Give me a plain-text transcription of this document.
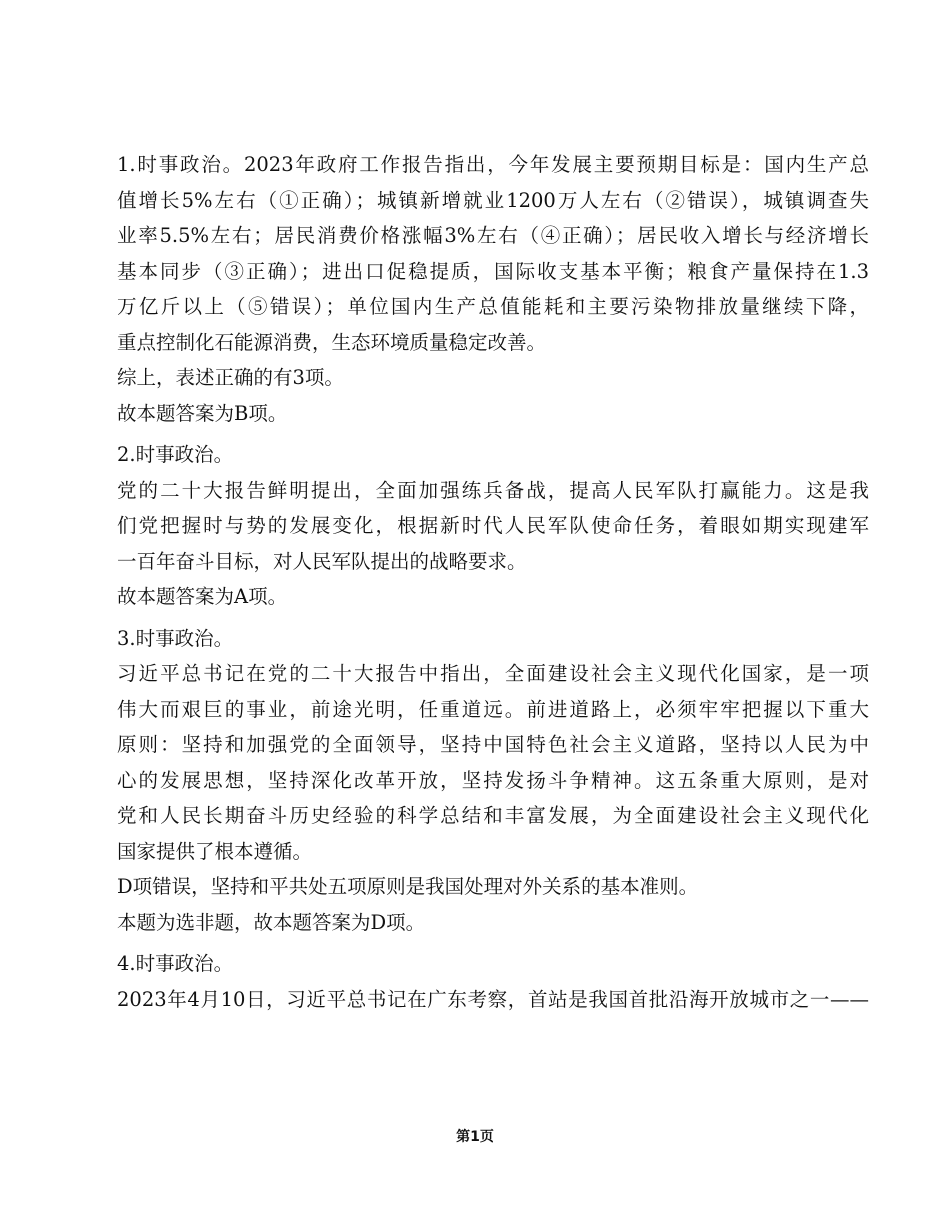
1.时事政治。2023年政府工作报告指出，今年发展主要预期目标是：国内生产总
值增长5%左右（①正确）；城镇新增就业1200万人左右（②错误），城镇调查失
业率5.5%左右；居民消费价格涨幅3%左右（④正确）；居民收入增长与经济增长
基本同步（③正确）；进出口促稳提质，国际收支基本平衡；粮食产量保持在1.3
万亿斤以上（⑤错误）；单位国内生产总值能耗和主要污染物排放量继续下降，
重点控制化石能源消费，生态环境质量稳定改善。
综上，表述正确的有3项。
故本题答案为B项。
2.时事政治。
党的二十大报告鲜明提出，全面加强练兵备战，提高人民军队打赢能力。这是我
们党把握时与势的发展变化，根据新时代人民军队使命任务，着眼如期实现建军
一百年奋斗目标，对人民军队提出的战略要求。
故本题答案为A项。
3.时事政治。
习近平总书记在党的二十大报告中指出，全面建设社会主义现代化国家，是一项
伟大而艰巨的事业，前途光明，任重道远。前进道路上，必须牢牢把握以下重大
原则：坚持和加强党的全面领导，坚持中国特色社会主义道路，坚持以人民为中
心的发展思想，坚持深化改革开放，坚持发扬斗争精神。这五条重大原则，是对
党和人民长期奋斗历史经验的科学总结和丰富发展，为全面建设社会主义现代化
国家提供了根本遵循。
D项错误，坚持和平共处五项原则是我国处理对外关系的基本准则。
本题为选非题，故本题答案为D项。
4.时事政治。
2023年4月10日，习近平总书记在广东考察，首站是我国首批沿海开放城市之一——
第1页
